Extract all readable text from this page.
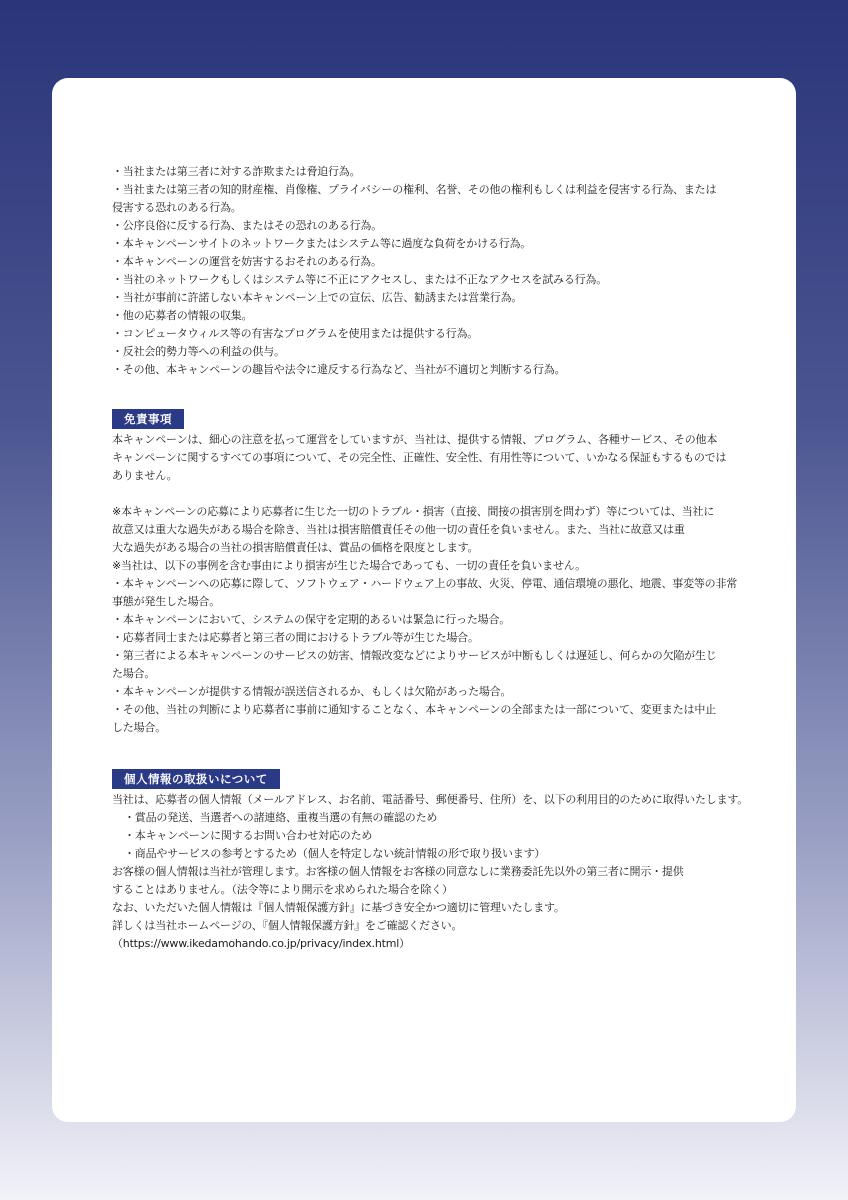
・当社または第三者に対する詐欺または脅迫行為。

・当社または第三者の知的財産権、肖像権、プライバシーの権利、名誉、その他の権利もしくは利益を侵害する行為、または

侵害する恐れのある行為。

・公序良俗に反する行為、またはその恐れのある行為。

・本キャンペーンサイトのネットワークまたはシステム等に過度な負荷をかける行為。

・本キャンペーンの運営を妨害するおそれのある行為。

・当社のネットワークもしくはシステム等に不正にアクセスし、または不正なアクセスを試みる行為。

・当社が事前に許諾しない本キャンペーン上での宣伝、広告、勧誘または営業行為。

・他の応募者の情報の収集。

・コンピュータウィルス等の有害なプログラムを使用または提供する行為。

・反社会的勢力等への利益の供与。

・その他、本キャンペーンの趣旨や法令に違反する行為など、当社が不適切と判断する行為。

免責事項

本キャンペーンは、細心の注意を払って運営をしていますが、当社は、提供する情報、プログラム、各種サービス、その他本

キャンペーンに関するすべての事項について、その完全性、正確性、安全性、有用性等について、いかなる保証もするものでは

ありません。

※本キャンペーンの応募により応募者に生じた一切のトラブル・損害（直接、間接の損害別を問わず）等については、当社に

故意又は重大な過失がある場合を除き、当社は損害賠償責任その他一切の責任を負いません。また、当社に故意又は重

大な過失がある場合の当社の損害賠償責任は、賞品の価格を限度とします。

※当社は、以下の事例を含む事由により損害が生じた場合であっても、一切の責任を負いません。

・本キャンペーンへの応募に際して、ソフトウェア・ハードウェア上の事故、火災、停電、通信環境の悪化、地震、事変等の非常

事態が発生した場合。

・本キャンペーンにおいて、システムの保守を定期的あるいは緊急に行った場合。

・応募者同士または応募者と第三者の間におけるトラブル等が生じた場合。

・第三者による本キャンペーンのサービスの妨害、情報改変などによりサービスが中断もしくは遅延し、何らかの欠陥が生じ

た場合。

・本キャンペーンが提供する情報が誤送信されるか、もしくは欠陥があった場合。

・その他、当社の判断により応募者に事前に通知することなく、本キャンペーンの全部または一部について、変更または中止

した場合。

個人情報の取扱いについて

当社は、応募者の個人情報（メールアドレス、お名前、電話番号、郵便番号、住所）を、以下の利用目的のために取得いたします。

・賞品の発送、当選者への諸連絡、重複当選の有無の確認のため

・本キャンペーンに関するお問い合わせ対応のため

・商品やサービスの参考とするため（個人を特定しない統計情報の形で取り扱います）

お客様の個人情報は当社が管理します。お客様の個人情報をお客様の同意なしに業務委託先以外の第三者に開示・提供

することはありません。（法令等により開示を求められた場合を除く）

なお、いただいた個人情報は『個人情報保護方針』に基づき安全かつ適切に管理いたします。

詳しくは当社ホームページの、『個人情報保護方針』をご確認ください。

（https://www.ikedamohando.co.jp/privacy/index.html）
